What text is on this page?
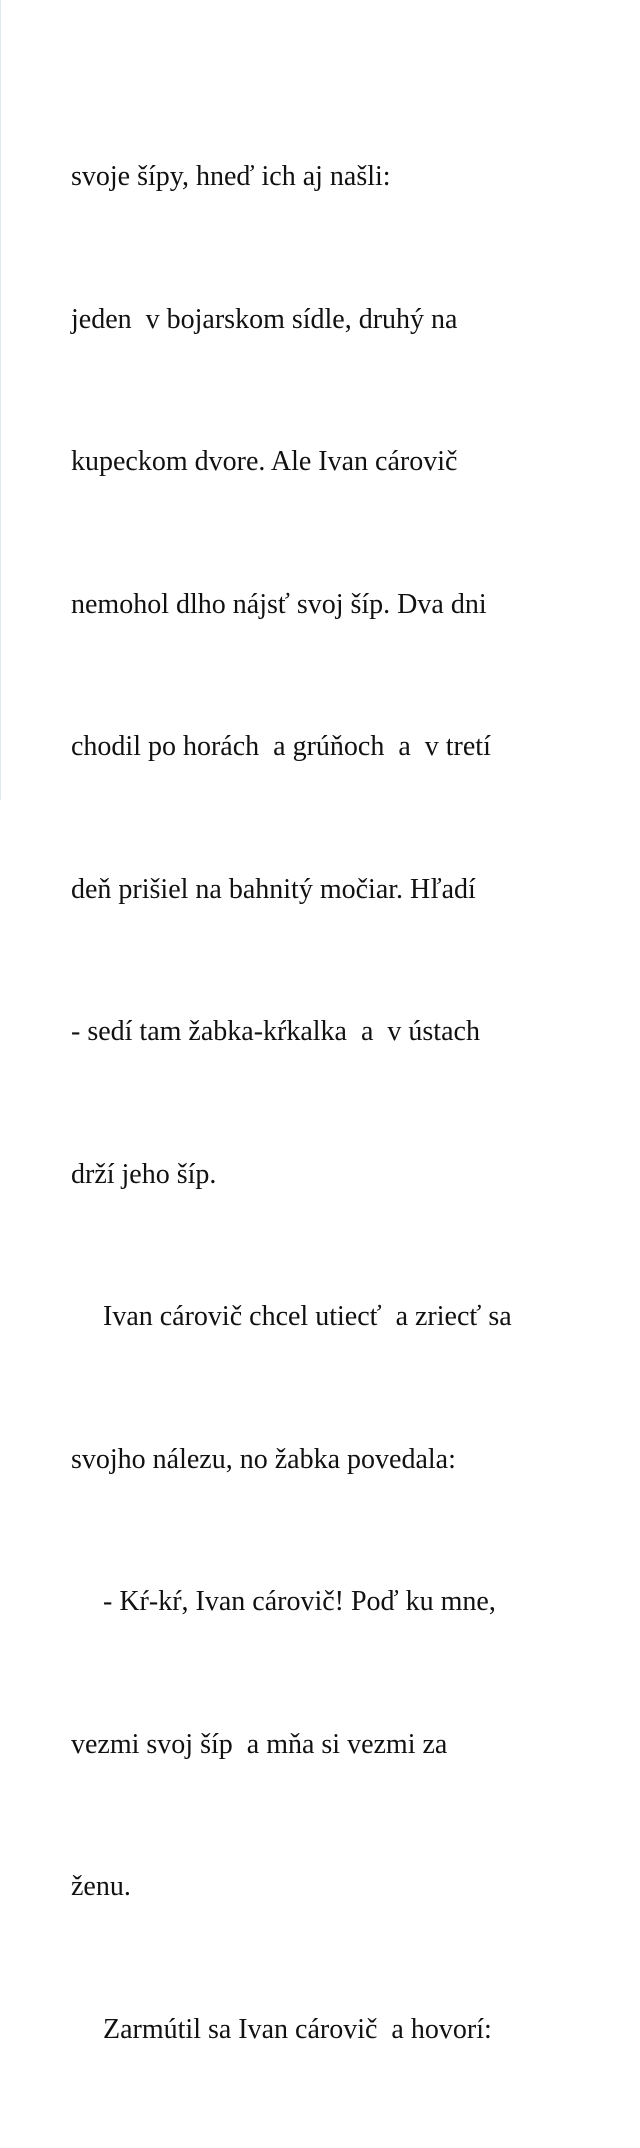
svoje šípy, hneď ich aj našli:

jeden  v bojarskom sídle, druhý na

kupeckom dvore. Ale Ivan cárovič

nemohol dlho nájsť svoj šíp. Dva dni

chodil po horách  a grúňoch  a  v tretí

deň prišiel na bahnitý močiar. Hľadí

- sedí tam žabka-kŕkalka  a  v ústach

drží jeho šíp.

Ivan cárovič chcel utiecť  a zriecť sa

svojho nálezu, no žabka povedala:

- Kŕ-kŕ, Ivan cárovič! Poď ku mne,

vezmi svoj šíp  a mňa si vezmi za

ženu.

Zarmútil sa Ivan cárovič  a hovorí:
